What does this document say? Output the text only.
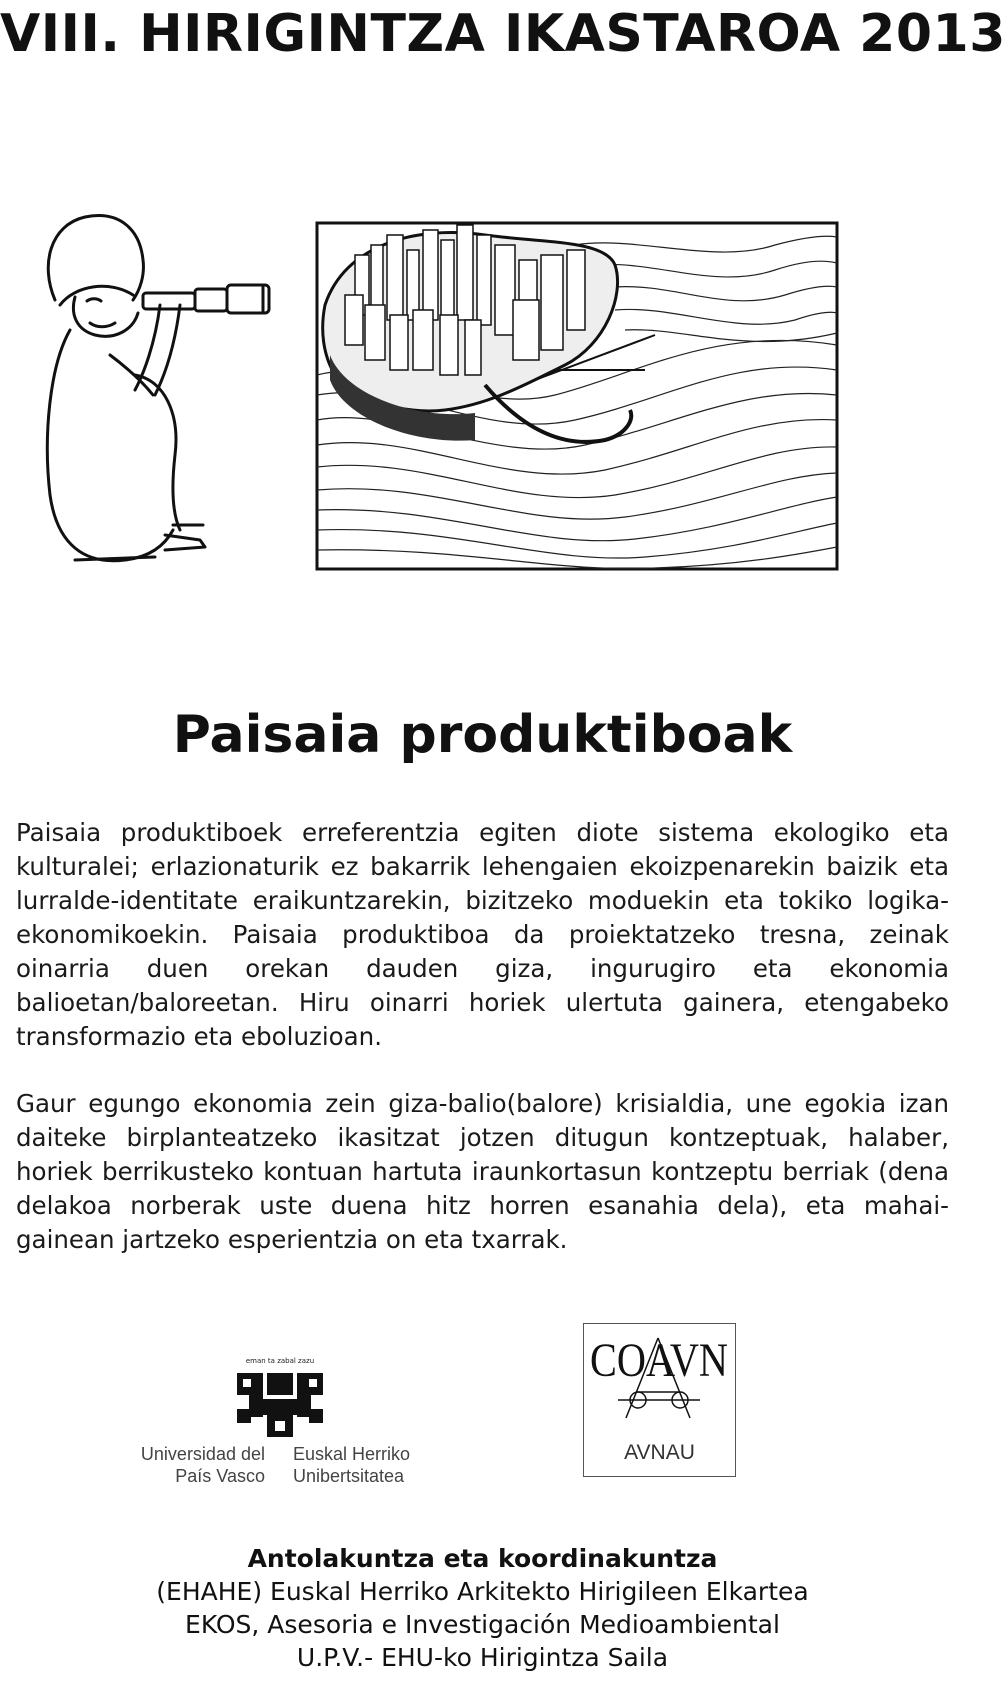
VIII. HIRIGINTZA IKASTAROA 2013
Paisaia produktiboak

Paisaia produktiboek erreferentzia egiten diote sistema ekologiko eta kulturalei; erlazionaturik ez bakarrik lehengaien ekoizpenarekin baizik eta lurralde-identitate eraikuntzarekin, bizitzeko moduekin eta tokiko logika-ekonomikoekin. Paisaia produktiboa da proiektatzeko tresna, zeinak oinarria duen orekan dauden giza, ingurugiro eta ekonomia balioetan/baloreetan. Hiru oinarri horiek ulertuta gainera, etengabeko transformazio eta eboluzioan.

Gaur egungo ekonomia zein giza-balio(balore) krisialdia, une egokia izan daiteke birplanteatzeko ikasitzat jotzen ditugun kontzeptuak, halaber, horiek berrikusteko kontuan hartuta iraunkortasun kontzeptu berriak (dena delakoa norberak uste duena hitz horren esanahia dela), eta mahai-gainean jartzeko esperientzia on eta txarrak.

eman ta zabal zazu
Universidad del País Vasco
Euskal Herriko Unibertsitatea
COAVN
AVNAU
Antolakuntza eta koordinakuntza
(EHAHE) Euskal Herriko Arkitekto Hirigileen Elkartea
EKOS, Asesoria e Investigación Medioambiental
U.P.V.- EHU-ko Hirigintza Saila
